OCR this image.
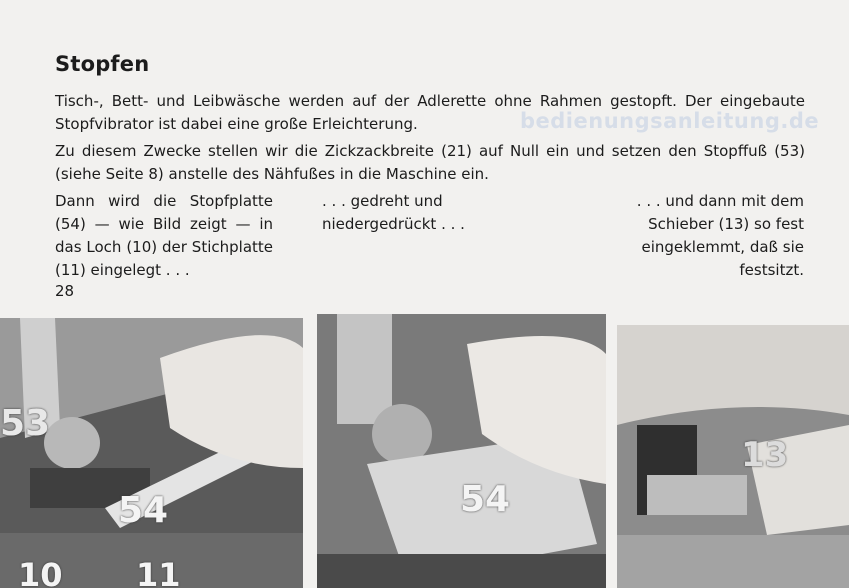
Stopfen
Tisch-, Bett- und Leibwäsche werden auf der Adlerette ohne Rahmen gestopft. Der eingebaute Stopfvibrator ist dabei eine große Erleichterung.	bedienungsanleitung.de
Zu diesem Zwecke stellen wir die Zickzackbreite (21) auf Null ein und setzen den Stopffuß (53) (siehe Seite 8) anstelle des Nähfußes in die Maschine ein.
Dann wird die Stopfplatte (54) — wie Bild zeigt — in das Loch (10) der Stichplatte (11) eingelegt . . .
. . . gedreht und niedergedrückt . . .
. . . und dann mit dem Schieber (13) so fest eingeklemmt, daß sie festsitzt.
28
53
54
10 11
54
13
